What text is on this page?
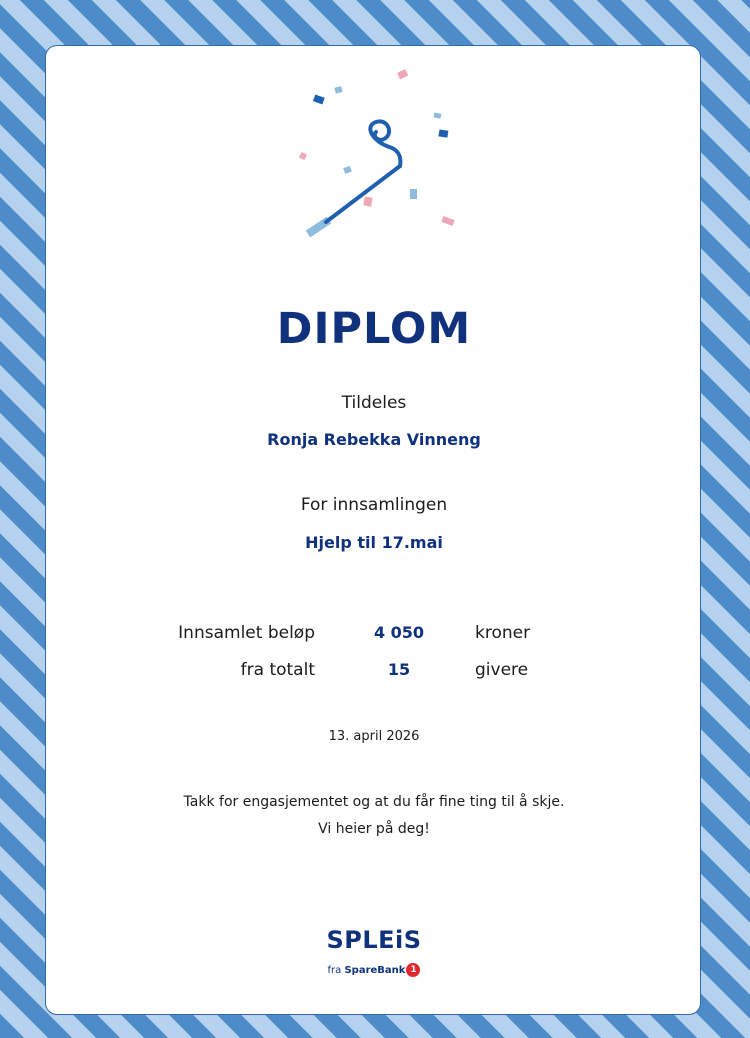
DIPLOM
Tildeles
Ronja Rebekka Vinneng
For innsamlingen
Hjelp til 17.mai
Innsamlet beløp	4 050	kroner
fra totalt	15	givere
13. april 2026
Takk for engasjementet og at du får fine ting til å skje.
Vi heier på deg!
SPLEiS
fra SpareBank 1
